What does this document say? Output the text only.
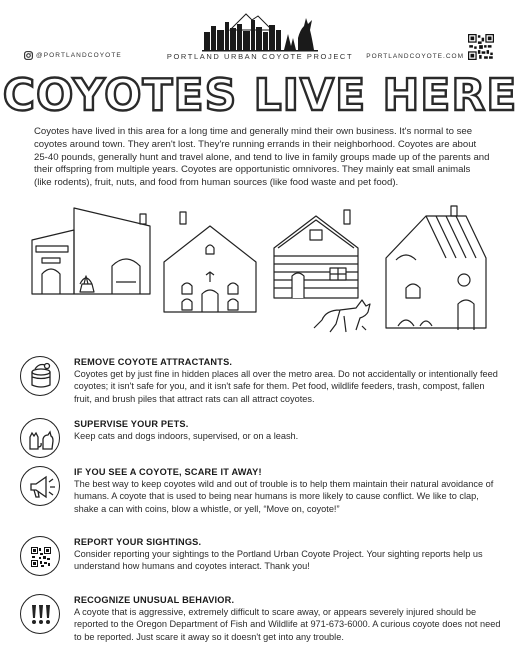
@PORTLANDCOYOTE	PORTLAND URBAN COYOTE PROJECT	PORTLANDCOYOTE.COM
COYOTES LIVE HERE

Coyotes have lived in this area for a long time and generally mind their own business. It's normal to see coyotes around town. They aren't lost. They're running errands in their neighborhood. Coyotes are about 25-40 pounds, generally hunt and travel alone, and tend to live in family groups made up of the parents and their offspring from multiple years. Coyotes are opportunistic omnivores. They mainly eat small animals (like rodents), fruit, nuts, and food from human sources (like food waste and pet food).

REMOVE COYOTE ATTRACTANTS.
Coyotes get by just fine in hidden places all over the metro area. Do not accidentally or intentionally feed coyotes; it isn't safe for you, and it isn't safe for them. Pet food, wildlife feeders, trash, compost, fallen fruit, and brush piles that attract rats can all attract coyotes.
SUPERVISE YOUR PETS.
Keep cats and dogs indoors, supervised, or on a leash.
IF YOU SEE A COYOTE, SCARE IT AWAY!
The best way to keep coyotes wild and out of trouble is to help them maintain their natural avoidance of humans. A coyote that is used to being near humans is more likely to cause conflict. We like to clap, shake a can with coins, blow a whistle, or yell, “Move on, coyote!”
REPORT YOUR SIGHTINGS.
Consider reporting your sightings to the Portland Urban Coyote Project. Your sighting reports help us understand how humans and coyotes interact. Thank you!
RECOGNIZE UNUSUAL BEHAVIOR.
A coyote that is aggressive, extremely difficult to scare away, or appears severely injured should be reported to the Oregon Department of Fish and Wildlife at 971-673-6000. A curious coyote does not need to be reported. Just scare it away so it doesn't get into any trouble.
